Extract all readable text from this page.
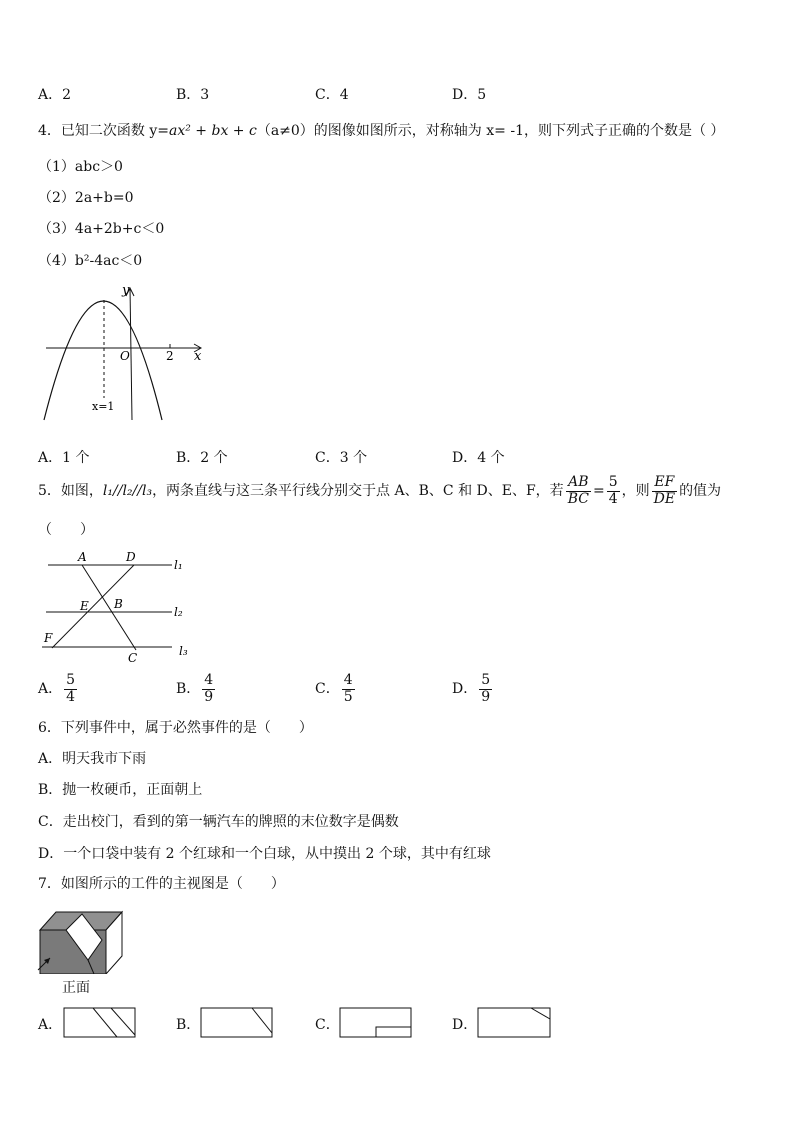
A．2	B．3	C．4	D．5
4．已知二次函数 y=ax² + bx + c（a≠0）的图像如图所示，对称轴为 x= -1，则下列式子正确的个数是（ ）
（1）abc＞0
（2）2a+b=0
（3）4a+2b+c＜0
（4）b²-4ac＜0
y
x
O	2
x=1
A．1 个	B．2 个	C．3 个	D．4 个
5．如图，l₁//l₂//l₃，两条直线与这三条平行线分别交于点 A、B、C 和 D、E、F，若 $\frac{AB}{BC} = \frac{5}{4}$ ，则 $\frac{EF}{DE}$ 的值为
（　　）
A	D
E B
F
C
l₁
l₂
l₃
A． $\frac{5}{4}$	B． $\frac{4}{9}$	C． $\frac{4}{5}$	D． $\frac{5}{9}$
6．下列事件中，属于必然事件的是（　　）
A．明天我市下雨
B．抛一枚硬币，正面朝上
C．走出校门，看到的第一辆汽车的牌照的末位数字是偶数
D．一个口袋中装有 2 个红球和一个白球，从中摸出 2 个球，其中有红球
7．如图所示的工件的主视图是（　　）
正面
A．	B．	C．	D．
